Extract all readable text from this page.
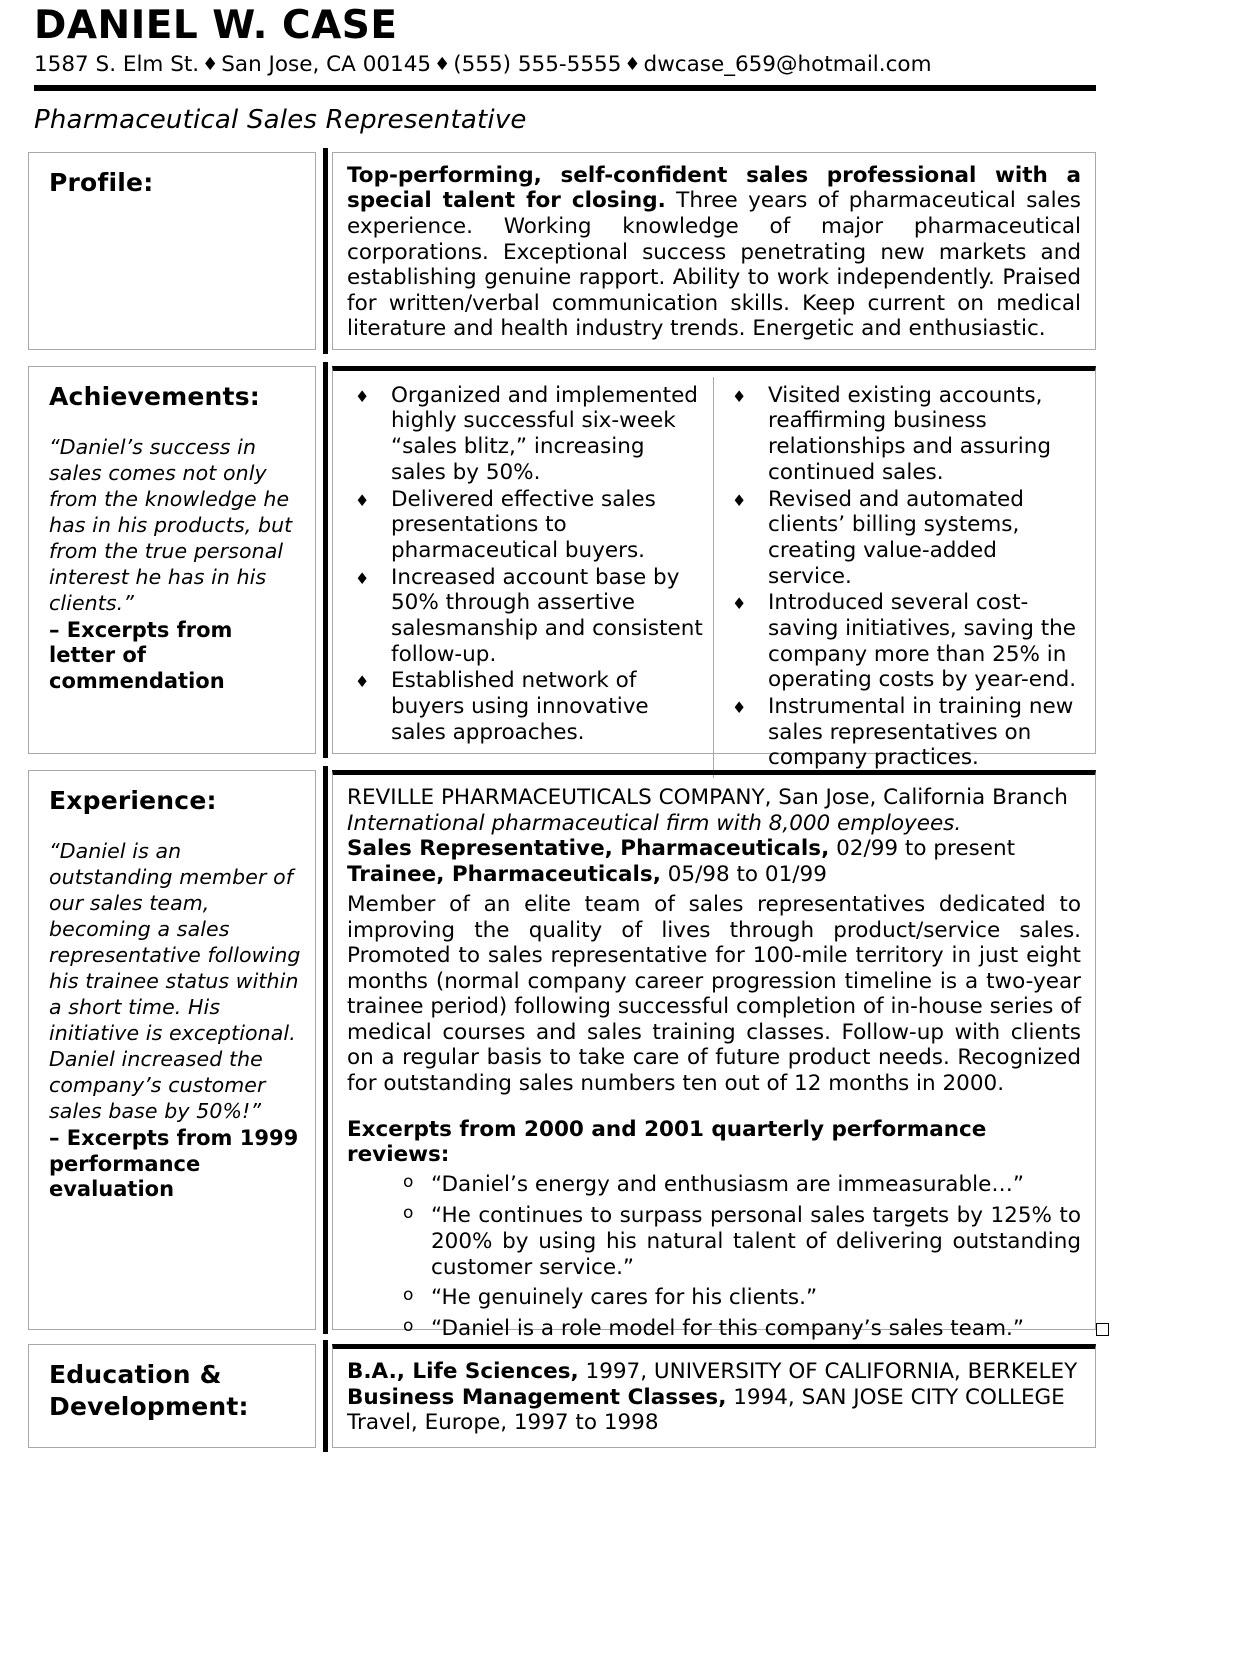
DANIEL W. CASE
1587 S. Elm St. ♦ San Jose, CA 00145 ♦ (555) 555-5555 ♦ dwcase_659@hotmail.com
Pharmaceutical Sales Representative
Profile:	Top-performing, self-confident sales professional with a special talent for closing. Three years of pharmaceutical sales experience. Working knowledge of major pharmaceutical corporations. Exceptional success penetrating new markets and establishing genuine rapport. Ability to work independently. Praised for written/verbal communication skills. Keep current on medical literature and health industry trends. Energetic and enthusiastic.

Achievements:
“Daniel’s success in sales comes not only from the knowledge he has in his products, but from the true personal interest he has in his clients.”
– Excerpts from letter of commendation
♦ Organized and implemented highly successful six-week “sales blitz,” increasing sales by 50%.
♦ Delivered effective sales presentations to pharmaceutical buyers.
♦ Increased account base by 50% through assertive salesmanship and consistent follow-up.
♦ Established network of buyers using innovative sales approaches.
♦ Visited existing accounts, reaffirming business relationships and assuring continued sales.
♦ Revised and automated clients’ billing systems, creating value-added service.
♦ Introduced several cost-saving initiatives, saving the company more than 25% in operating costs by year-end.
♦ Instrumental in training new sales representatives on company practices.
Experience:
“Daniel is an outstanding member of our sales team, becoming a sales representative following his trainee status within a short time. His initiative is exceptional. Daniel increased the company’s customer sales base by 50%!”
– Excerpts from 1999 performance evaluation
REVILLE PHARMACEUTICALS COMPANY, San Jose, California Branch
International pharmaceutical firm with 8,000 employees.
Sales Representative, Pharmaceuticals, 02/99 to present
Trainee, Pharmaceuticals, 05/98 to 01/99

Member of an elite team of sales representatives dedicated to improving the quality of lives through product/service sales. Promoted to sales representative for 100-mile territory in just eight months (normal company career progression timeline is a two-year trainee period) following successful completion of in-house series of medical courses and sales training classes. Follow-up with clients on a regular basis to take care of future product needs. Recognized for outstanding sales numbers ten out of 12 months in 2000.

Excerpts from 2000 and 2001 quarterly performance reviews:
o “Daniel’s energy and enthusiasm are immeasurable…”
o “He continues to surpass personal sales targets by 125% to 200% by using his natural talent of delivering outstanding customer service.”
o “He genuinely cares for his clients.”
o “Daniel is a role model for this company’s sales team.”
Education &
Development:
B.A., Life Sciences, 1997, UNIVERSITY OF CALIFORNIA, BERKELEY
Business Management Classes, 1994, SAN JOSE CITY COLLEGE
Travel, Europe, 1997 to 1998
